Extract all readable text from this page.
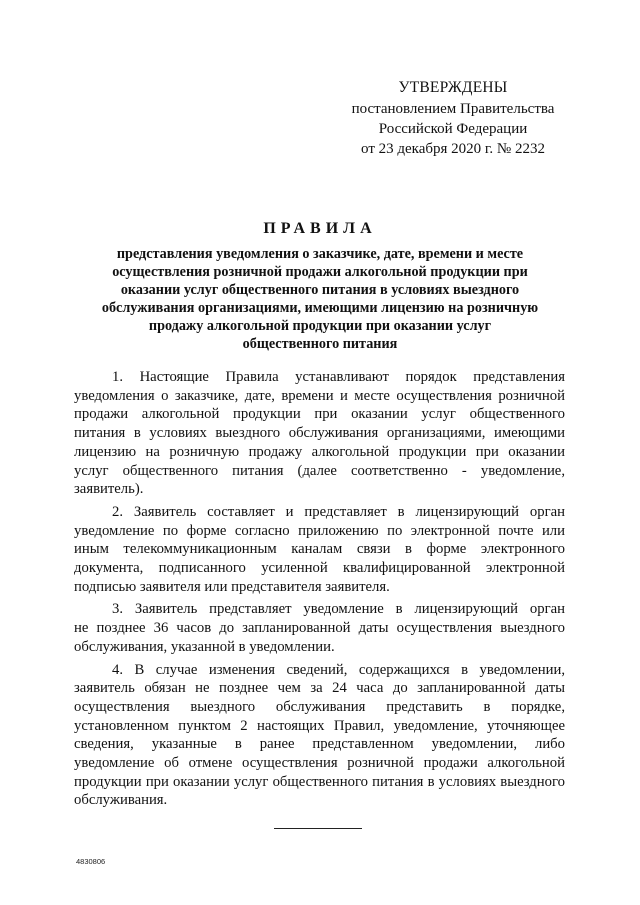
УТВЕРЖДЕНЫ
постановлением Правительства
Российской Федерации
от 23 декабря 2020 г. № 2232
ПРАВИЛА
представления уведомления о заказчике, дате, времени и месте
осуществления розничной продажи алкогольной продукции при
оказании услуг общественного питания в условиях выездного
обслуживания организациями, имеющими лицензию на розничную
продажу алкогольной продукции при оказании услуг
общественного питания
1. Настоящие Правила устанавливают порядок представления
уведомления о заказчике, дате, времени и месте осуществления розничной
продажи алкогольной продукции при оказании услуг общественного
питания в условиях выездного обслуживания организациями, имеющими
лицензию на розничную продажу алкогольной продукции при оказании
услуг общественного питания (далее соответственно - уведомление,
заявитель).
2. Заявитель составляет и представляет в лицензирующий орган
уведомление по форме согласно приложению по электронной почте или
иным телекоммуникационным каналам связи в форме электронного
документа, подписанного усиленной квалифицированной электронной
подписью заявителя или представителя заявителя.
3. Заявитель представляет уведомление в лицензирующий орган
не позднее 36 часов до запланированной даты осуществления выездного
обслуживания, указанной в уведомлении.
4. В случае изменения сведений, содержащихся в уведомлении,
заявитель обязан не позднее чем за 24 часа до запланированной даты
осуществления выездного обслуживания представить в порядке,
установленном пунктом 2 настоящих Правил, уведомление, уточняющее
сведения, указанные в ранее представленном уведомлении, либо
уведомление об отмене осуществления розничной продажи алкогольной
продукции при оказании услуг общественного питания в условиях выездного
обслуживания.
4830806
